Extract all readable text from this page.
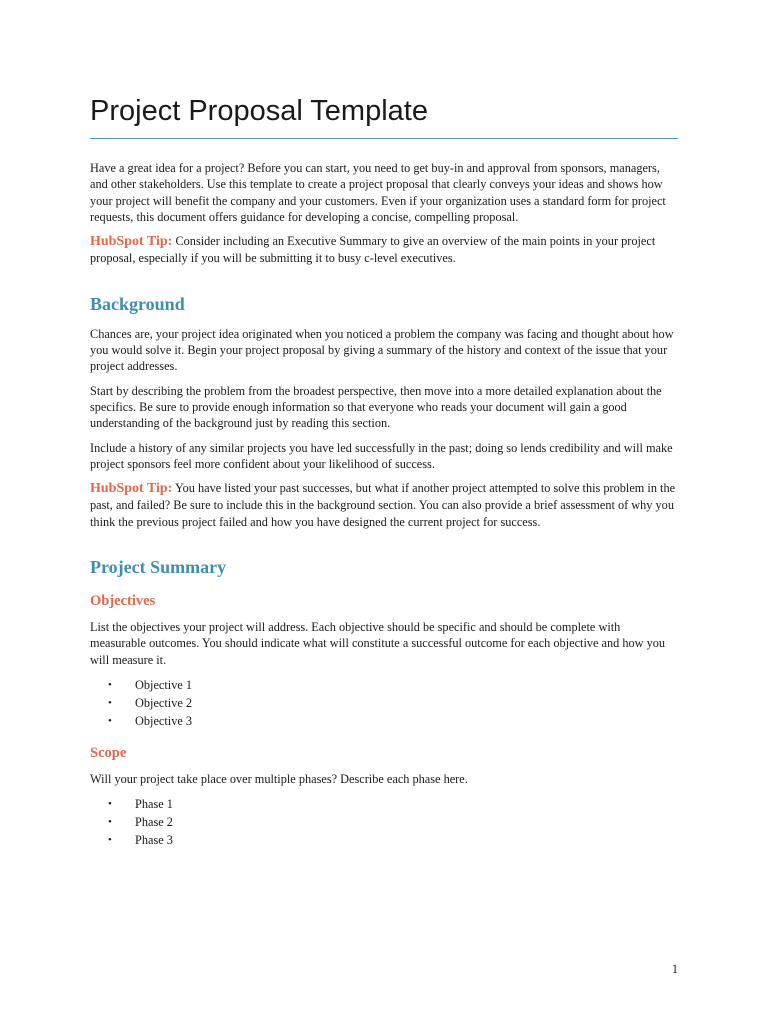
Project Proposal Template

Have a great idea for a project? Before you can start, you need to get buy-in and approval from sponsors, managers, and other stakeholders. Use this template to create a project proposal that clearly conveys your ideas and shows how your project will benefit the company and your customers. Even if your organization uses a standard form for project requests, this document offers guidance for developing a concise, compelling proposal.

HubSpot Tip: Consider including an Executive Summary to give an overview of the main points in your project proposal, especially if you will be submitting it to busy c-level executives.

Background

Chances are, your project idea originated when you noticed a problem the company was facing and thought about how you would solve it. Begin your project proposal by giving a summary of the history and context of the issue that your project addresses.

Start by describing the problem from the broadest perspective, then move into a more detailed explanation about the specifics. Be sure to provide enough information so that everyone who reads your document will gain a good understanding of the background just by reading this section.

Include a history of any similar projects you have led successfully in the past; doing so lends credibility and will make project sponsors feel more confident about your likelihood of success.

HubSpot Tip: You have listed your past successes, but what if another project attempted to solve this problem in the past, and failed? Be sure to include this in the background section. You can also provide a brief assessment of why you think the previous project failed and how you have designed the current project for success.

Project Summary
Objectives

List the objectives your project will address. Each objective should be specific and should be complete with measurable outcomes. You should indicate what will constitute a successful outcome for each objective and how you will measure it.

• Objective 1
• Objective 2
• Objective 3
Scope

Will your project take place over multiple phases? Describe each phase here.

• Phase 1
• Phase 2
• Phase 3
1
